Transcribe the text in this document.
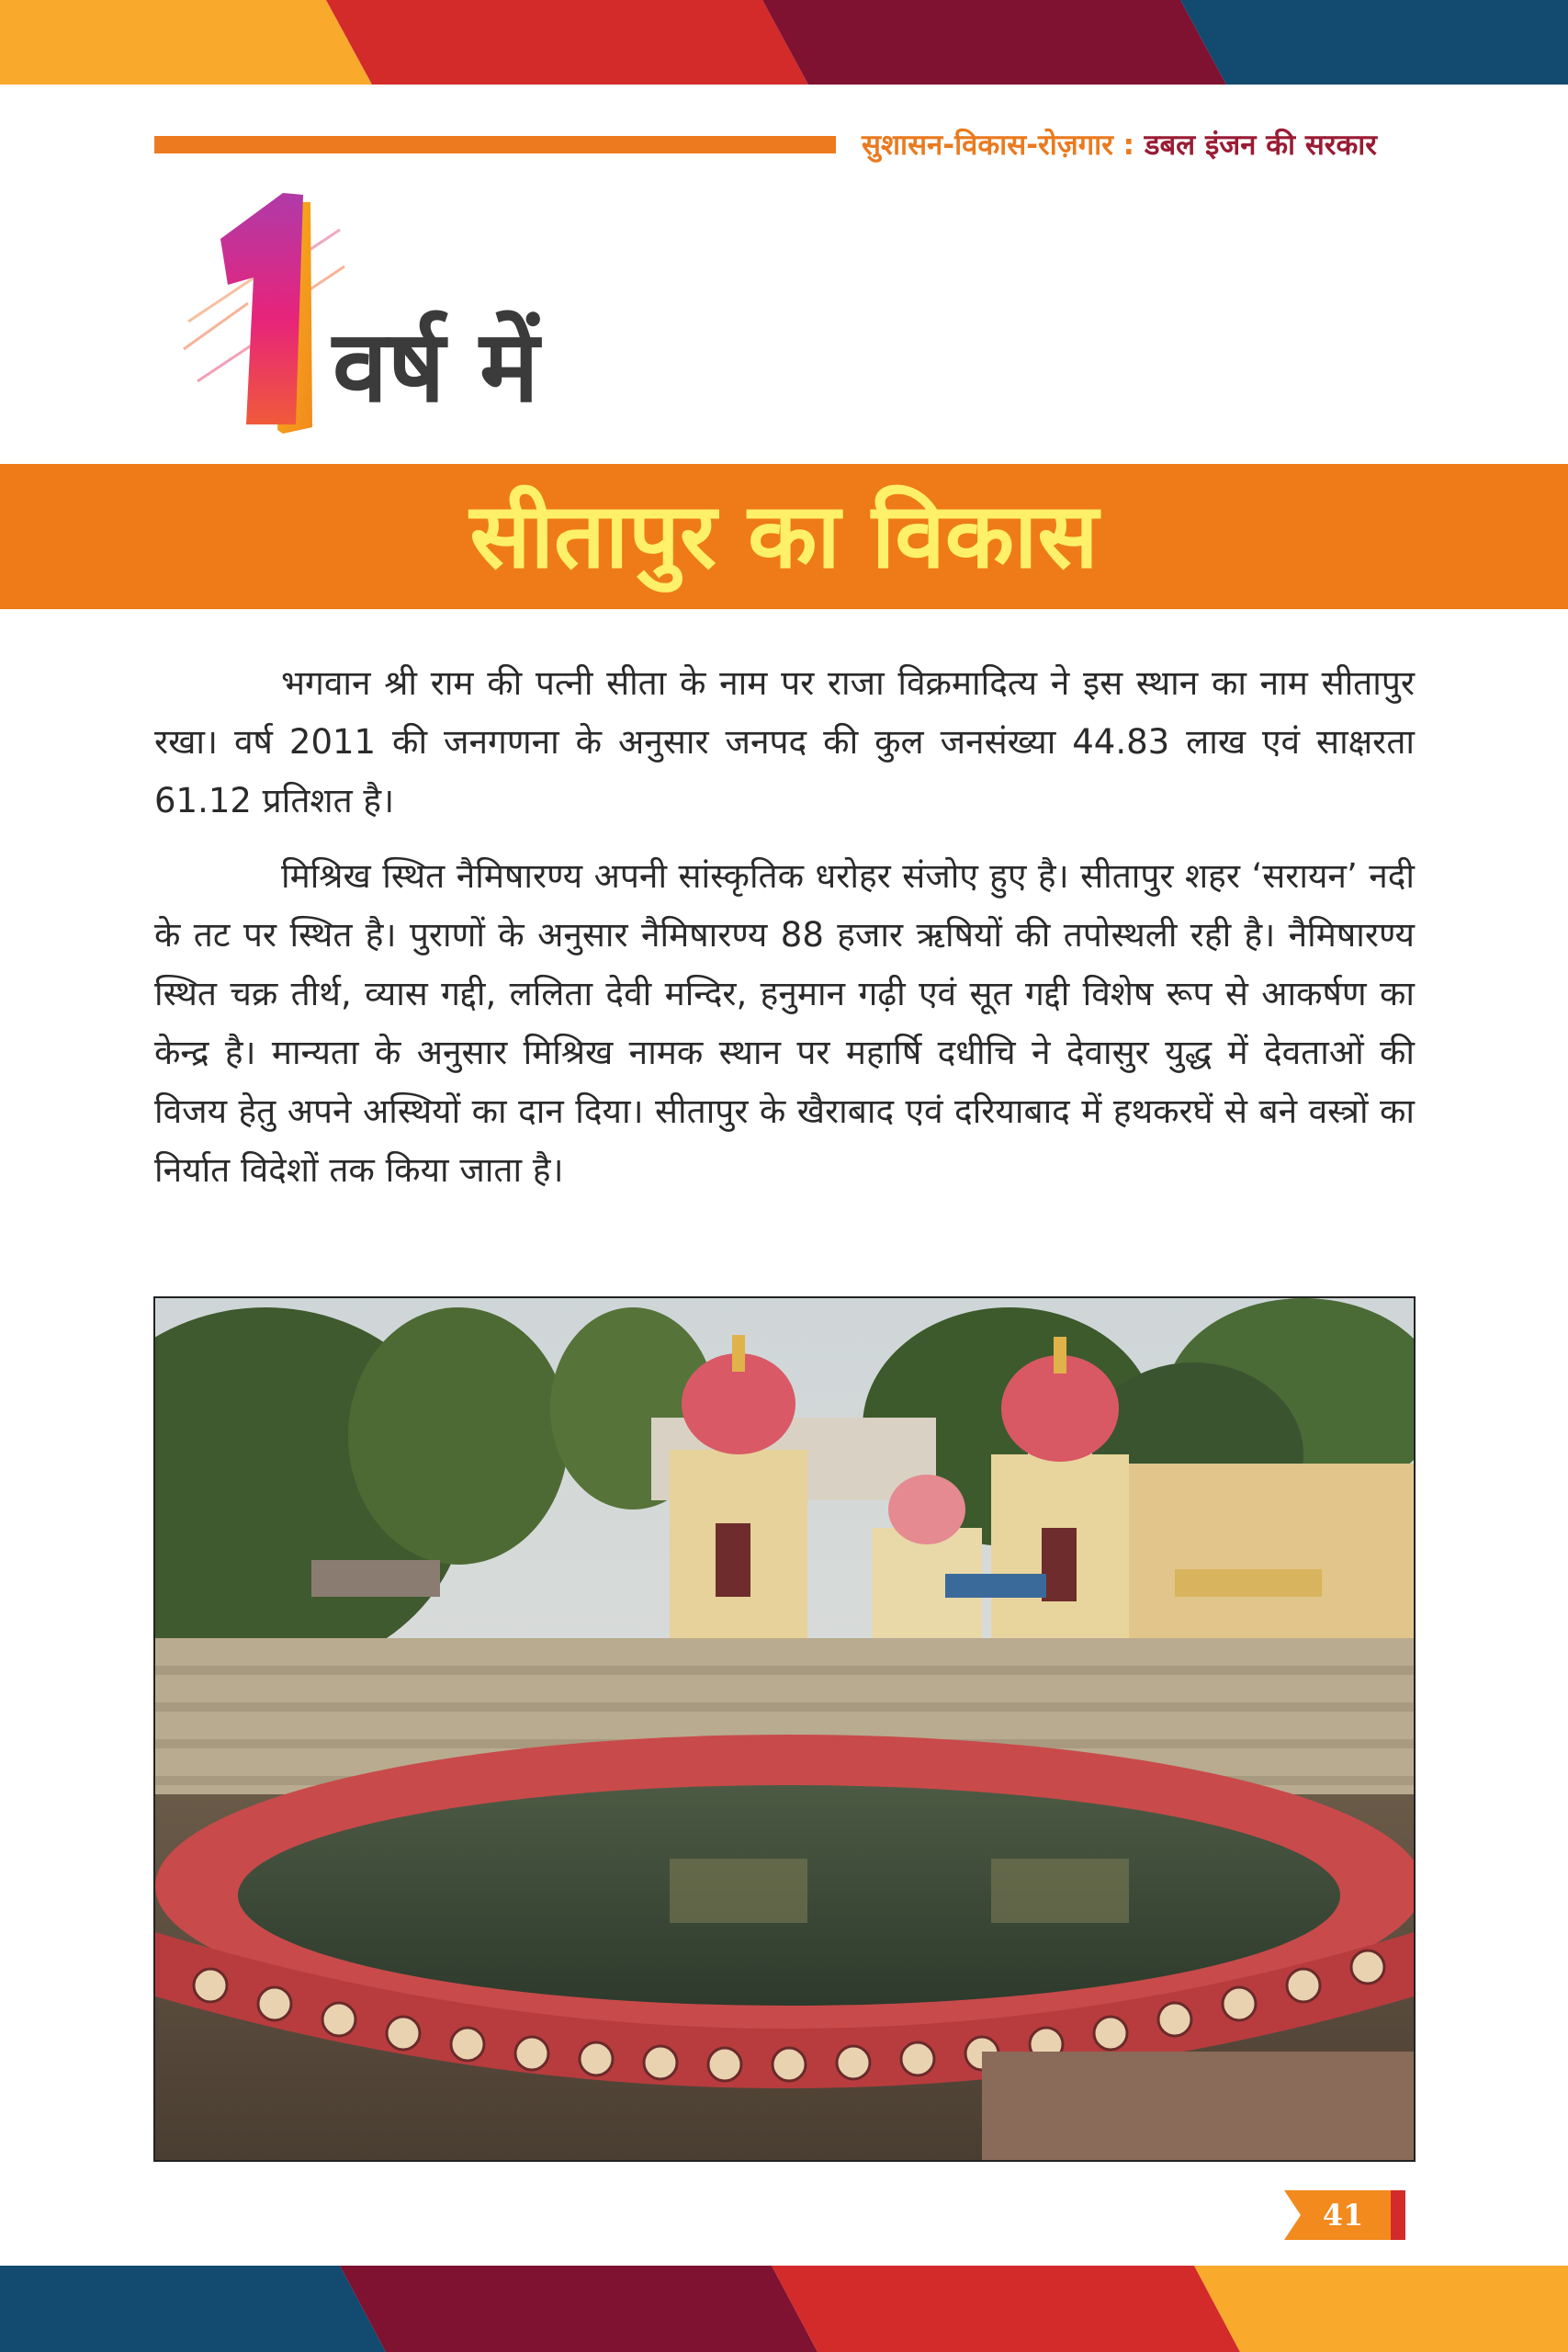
सुशासन-विकास-रोज़गार : डबल इंजन की सरकार
वर्ष में
सीतापुर का विकास

भगवान श्री राम की पत्नी सीता के नाम पर राजा विक्रमादित्य ने इस स्थान का नाम सीतापुर रखा। वर्ष 2011 की जनगणना के अनुसार जनपद की कुल जनसंख्या 44.83 लाख एवं साक्षरता 61.12 प्रतिशत है।

मिश्रिख स्थित नैमिषारण्य अपनी सांस्कृतिक धरोहर संजोए हुए है। सीतापुर शहर ‘सरायन’ नदी के तट पर स्थित है। पुराणों के अनुसार नैमिषारण्य 88 हजार ऋषियों की तपोस्थली रही है। नैमिषारण्य स्थित चक्र तीर्थ, व्यास गद्दी, ललिता देवी मन्दिर, हनुमान गढ़ी एवं सूत गद्दी विशेष रूप से आकर्षण का केन्द्र है। मान्यता के अनुसार मिश्रिख नामक स्थान पर महार्षि दधीचि ने देवासुर युद्ध में देवताओं की विजय हेतु अपने अस्थियों का दान दिया। सीतापुर के खैराबाद एवं दरियाबाद में हथकरघें से बने वस्त्रों का निर्यात विदेशों तक किया जाता है।

41
